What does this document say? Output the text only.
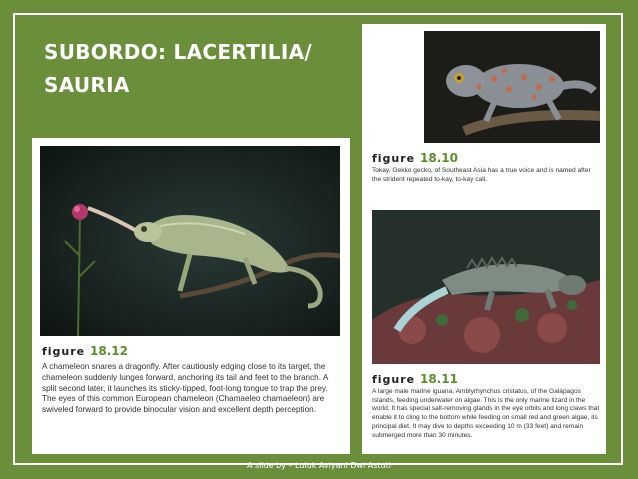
SUBORDO: LACERTILIA/
SAURIA
figure 18.12
A chameleon snares a dragonfly. After cautiously edging close to its target, the chameleon suddenly lunges forward, anchoring its tail and feet to the branch. A split second later, it launches its sticky-tipped, foot-long tongue to trap the prey. The eyes of this common European chameleon (Chamaeleo chamaeleon) are swiveled forward to provide binocular vision and excellent depth perception.
figure 18.10
Tokay, Gekko gecko, of Southeast Asia has a true voice and is named after the strident repeated to-kay, to-kay call.
figure 18.11
A large male marine iguana, Amblyrhynchus cristatus, of the Galápagos Islands, feeding underwater on algae. This is the only marine lizard in the world. It has special salt-removing glands in the eye orbits and long claws that enable it to cling to the bottom while feeding on small red and green algae, its principal diet. It may dive to depths exceeding 10 m (33 feet) and remain submerged more than 30 minutes.
A slide by – Luluk Aviyani Dwi Astuti
